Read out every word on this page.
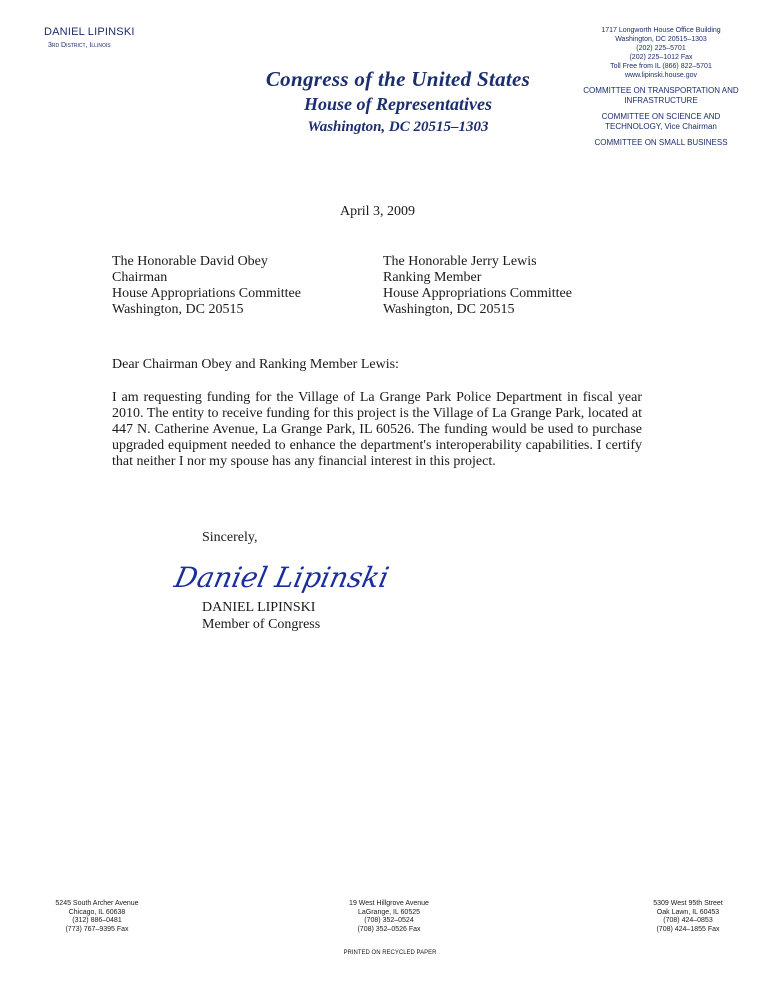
DANIEL LIPINSKI
3rd District, Illinois
Congress of the United States
House of Representatives
Washington, DC 20515–1303
1717 Longworth House Office Building
Washington, DC 20515–1303
(202) 225–5701
(202) 225–1012 Fax
Toll Free from IL (866) 822–5701
www.lipinski.house.gov
COMMITTEE ON TRANSPORTATION AND INFRASTRUCTURE
COMMITTEE ON SCIENCE AND TECHNOLOGY, Vice Chairman
COMMITTEE ON SMALL BUSINESS
April 3, 2009
The Honorable David Obey
Chairman
House Appropriations Committee
Washington, DC 20515
The Honorable Jerry Lewis
Ranking Member
House Appropriations Committee
Washington, DC 20515
Dear Chairman Obey and Ranking Member Lewis:
I am requesting funding for the Village of La Grange Park Police Department in fiscal year 2010. The entity to receive funding for this project is the Village of La Grange Park, located at 447 N. Catherine Avenue, La Grange Park, IL 60526. The funding would be used to purchase upgraded equipment needed to enhance the department's interoperability capabilities. I certify that neither I nor my spouse has any financial interest in this project.
Sincerely,
Daniel Lipinski
DANIEL LIPINSKI
Member of Congress
5245 South Archer Avenue
Chicago, IL 60638
(312) 886–0481
(773) 767–9395 Fax
19 West Hillgrove Avenue
LaGrange, IL 60525
(708) 352–0524
(708) 352–0526 Fax
5309 West 95th Street
Oak Lawn, IL 60453
(708) 424–0853
(708) 424–1855 Fax
PRINTED ON RECYCLED PAPER
